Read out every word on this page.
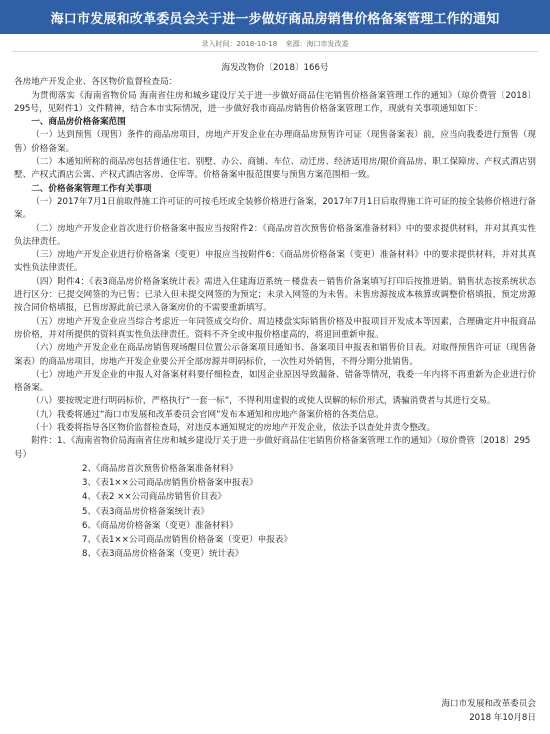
海口市发展和改革委员会关于进一步做好商品房销售价格备案管理工作的通知
录入时间：2018-10-18 来源：海口市发改委
海发改物价〔2018〕166号

各房地产开发企业、各区物价监督检查局：

为贯彻落实《海南省物价局 海南省住房和城乡建设厅关于进一步做好商品住宅销售价格备案管理工作的通知》（琼价费管〔2018〕295号，见附件1）文件精神，结合本市实际情况，进一步做好我市商品房销售价格备案管理工作，现就有关事项通知如下：

一、商品房价格备案范围

（一）达到预售（现售）条件的商品房项目，房地产开发企业在办理商品房预售许可证（现售备案表）前，应当向我委进行预售（现售）价格备案。

（二）本通知所称的商品房包括普通住宅、别墅、办公、商铺、车位、动迁房、经济适用房/限价商品房、职工保障房、产权式酒店别墅、产权式酒店公寓、产权式酒店客房、仓库等。价格备案申报范围要与预售方案范围相一致。

二、价格备案管理工作有关事项

（一）2017年7月1日前取得施工许可证的可按毛坯或全装修价格进行备案，2017年7月1日后取得施工许可证的按全装修价格进行备案。

（二）房地产开发企业首次进行价格备案申报应当按附件2：《商品房首次预售价格备案准备材料》中的要求提供材料，并对其真实性负法律责任。

（三）房地产开发企业进行价格备案（变更）申报应当按附件6：《商品房价格备案（变更）准备材料》中的要求提供材料，并对其真实性负法律责任。

（四）附件4：《表3商品房价格备案统计表》需进入住建海迈系统－楼盘表－销售价备案填写打印后按推进销。销售状态按系统状态进行区分：已提交网签的为已售；已录入但未提交网签的为预定；未录入网签的为未售。未售房源按成本核算或调整价格填报，预定房源按合同价格填报，已售房源此前已录入备案房价的不需要重新填写。

（五）房地产开发企业应当综合考虑近一年同签成交均价、周边楼盘实际销售价格及申报项目开发成本等因素，合理确定并申报商品房价格，并对所提供的资料真实性负法律责任。资料不齐全或申报价格虚高的，将退回重新申报。

（六）房地产开发企业在商品房销售现场醒目位置公示备案项目通知书、备案项目申报表和销售价目表。对取得预售许可证（现售备案表）的商品房项目，房地产开发企业要公开全部房源并明码标价，一次性对外销售，不得分期分批销售。

（七）房地产开发企业的申报人对备案材料要仔细检查，如因企业原因导致漏备、错备等情况，我委一年内将不再重新为企业进行价格备案。

（八）要按规定进行明码标价，严格执行“一套一标”，不得利用虚假的或使人误解的标价形式，诱骗消费者与其进行交易。

（九）我委将通过“海口市发展和改革委员会官网”发布本通知和房地产备案价格的各类信息。

（十）我委将指导各区物价监督检查局，对违反本通知规定的房地产开发企业，依法予以查处并责令整改。

附件：1、《海南省物价局海南省住房和城乡建设厅关于进一步做好商品住宅销售价格备案管理工作的通知》（琼价费管〔2018〕295号）

2、《商品房首次预售价格备案准备材料》

3、《表1××公司商品房销售价格备案申报表》

4、《表2 ××公司商品房销售价目表》

5、《表3商品房价格备案统计表》

6、《商品房价格备案（变更）准备材料》

7、《表1××公司商品房销售价格备案（变更）申报表》

8、《表3商品房价格备案（变更）统计表》

海口市发展和改革委员会
2018 年10月8日
